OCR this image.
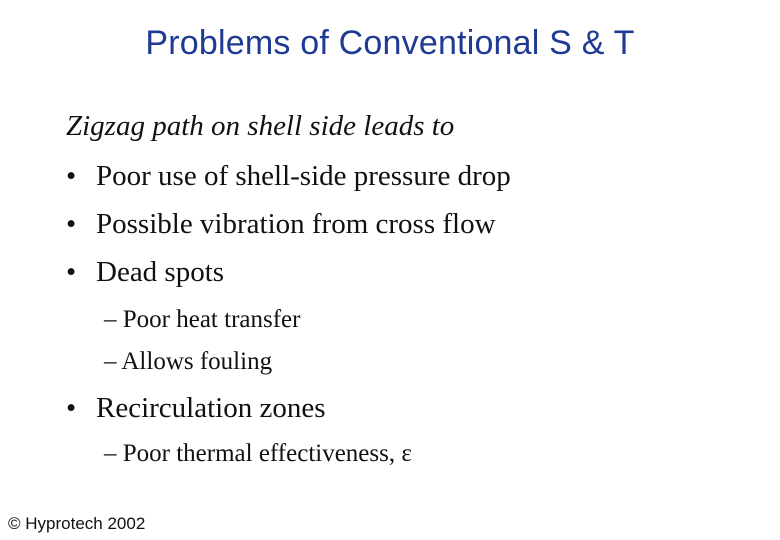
Problems of Conventional S & T
Zigzag path on shell side leads to
• Poor use of shell-side pressure drop
• Possible vibration from cross flow
• Dead spots
– Poor heat transfer
– Allows fouling
• Recirculation zones
– Poor thermal effectiveness, ε
© Hyprotech 2002
